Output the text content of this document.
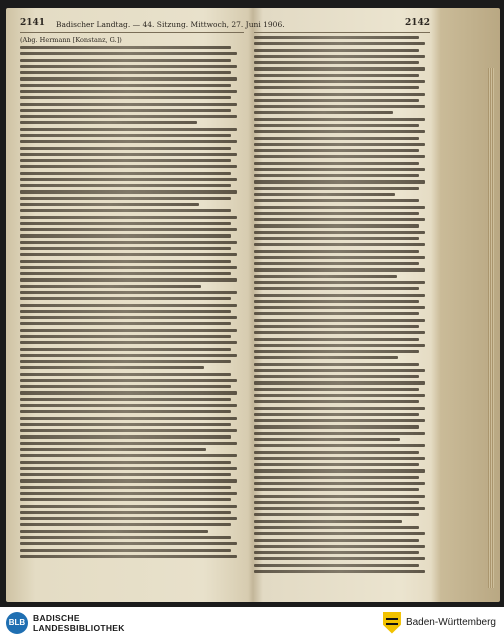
2141 Badischer Landtag. — 44. Sitzung. Mittwoch, 27. Juni 1906.
(Abg. Hermann [Konstanz, G.])
2142
BLB BADISCHE
LANDESBIBLIOTHEK	Baden-Württemberg
